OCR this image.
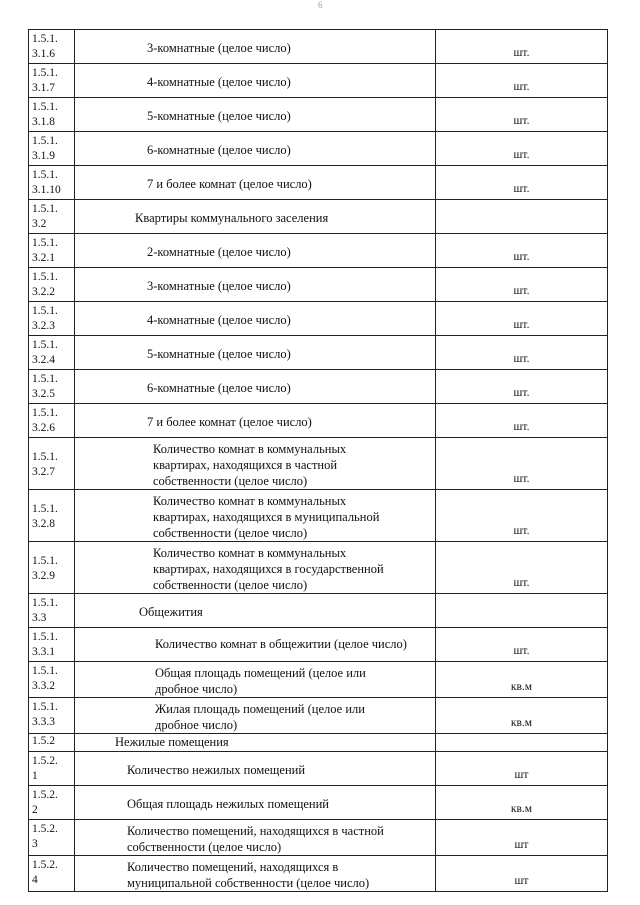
6
1.5.1.
3.1.6	3-комнатные (целое число)	шт.
1.5.1.
3.1.7	4-комнатные (целое число)	шт.
1.5.1.
3.1.8	5-комнатные (целое число)	шт.
1.5.1.
3.1.9	6-комнатные (целое число)	шт.
1.5.1.
3.1.10	7 и более комнат (целое число)	шт.
1.5.1.
3.2	Квартиры коммунального заселения	
1.5.1.
3.2.1	2-комнатные (целое число)	шт.
1.5.1.
3.2.2	3-комнатные (целое число)	шт.
1.5.1.
3.2.3	4-комнатные (целое число)	шт.
1.5.1.
3.2.4	5-комнатные (целое число)	шт.
1.5.1.
3.2.5	6-комнатные (целое число)	шт.
1.5.1.
3.2.6	7 и более комнат (целое число)	шт.
1.5.1.
3.2.7	Количество комнат в коммунальных
квартирах, находящихся в частной
собственности (целое число)	шт.
1.5.1.
3.2.8	Количество комнат в коммунальных
квартирах, находящихся в муниципальной
собственности (целое число)	шт.
1.5.1.
3.2.9	Количество комнат в коммунальных
квартирах, находящихся в государственной
собственности (целое число)	шт.
1.5.1.
3.3	Общежития	
1.5.1.
3.3.1	Количество комнат в общежитии (целое число)	шт.
1.5.1.
3.3.2	Общая площадь помещений (целое или
дробное число)	кв.м
1.5.1.
3.3.3	Жилая площадь помещений (целое или
дробное число)	кв.м
1.5.2	Нежилые помещения	
1.5.2.
1	Количество нежилых помещений	шт
1.5.2.
2	Общая площадь нежилых помещений	кв.м
1.5.2.
3	Количество помещений, находящихся в частной
собственности (целое число)	шт
1.5.2.
4	Количество помещений, находящихся в
муниципальной собственности (целое число)	шт
